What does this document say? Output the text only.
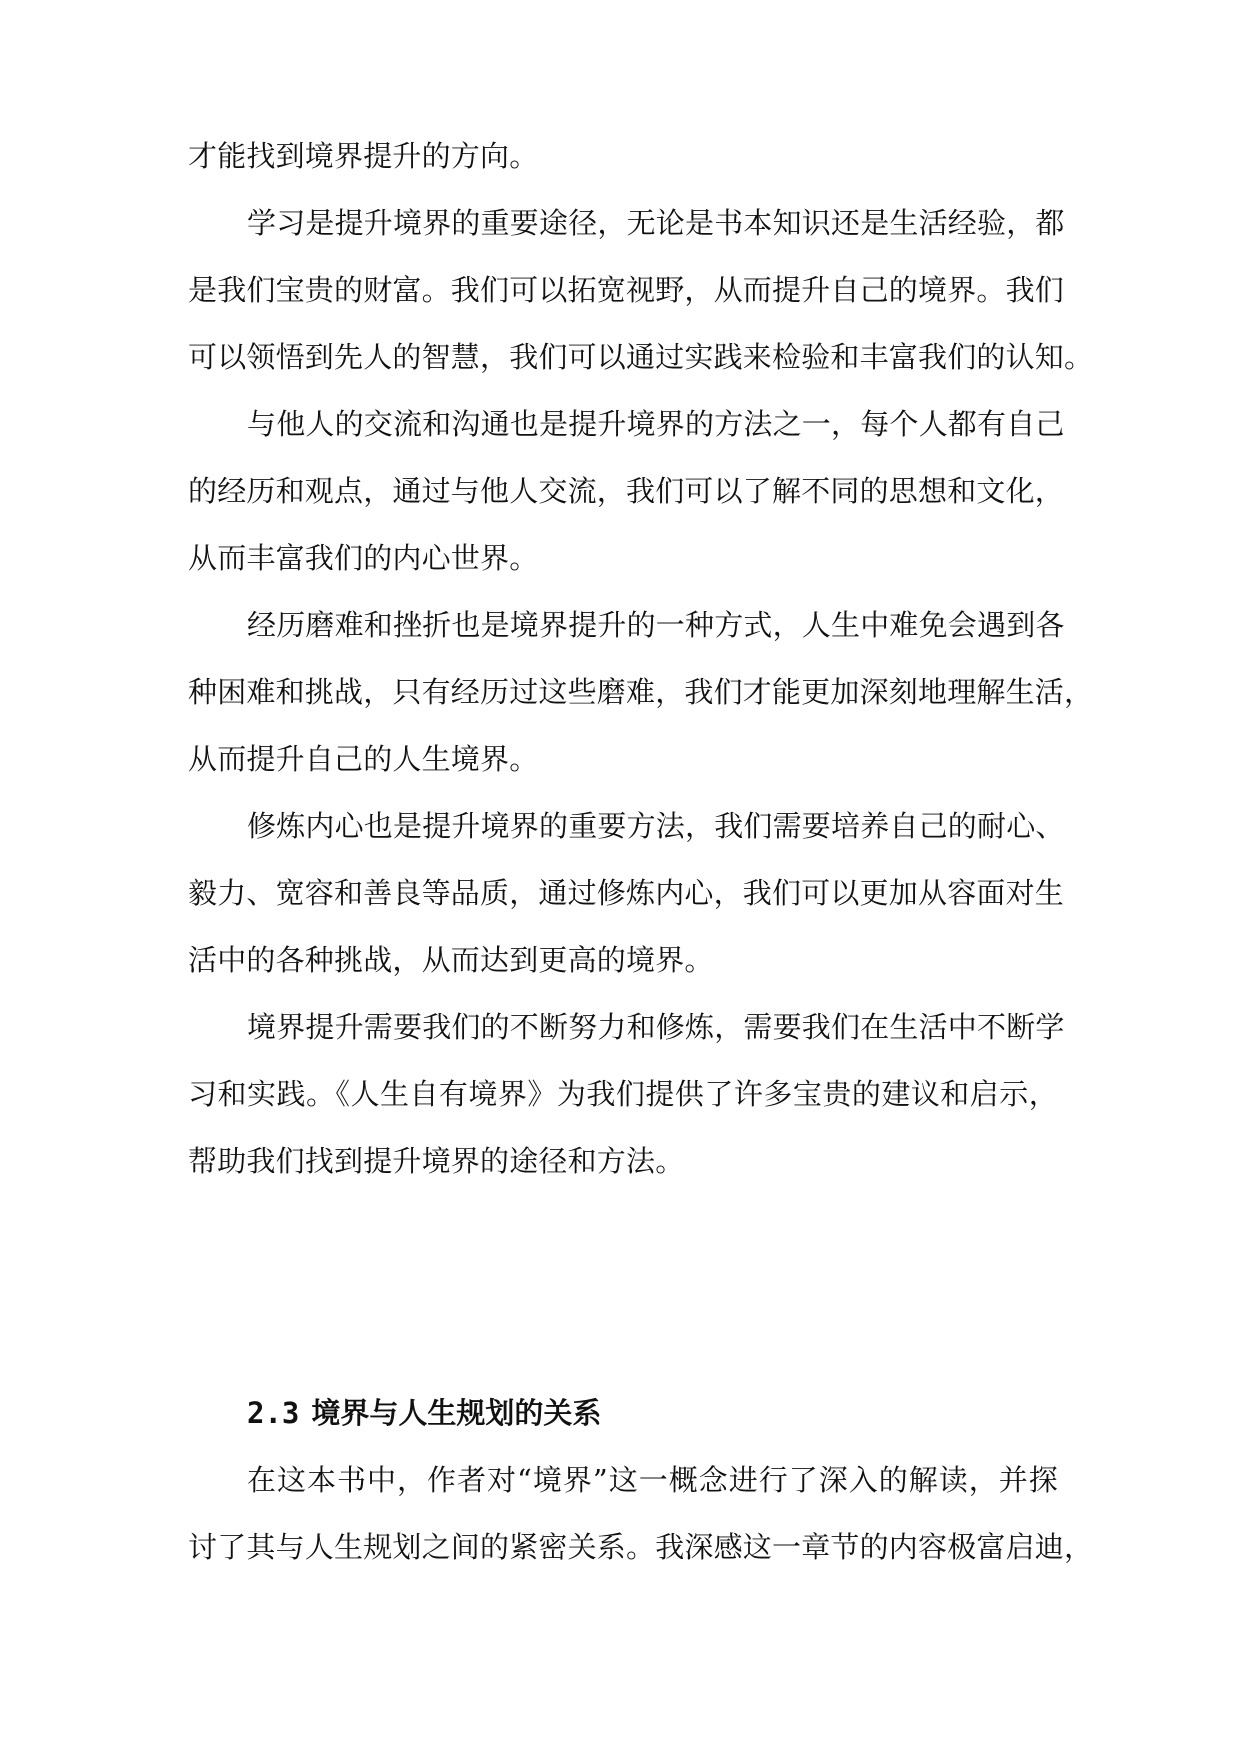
才能找到境界提升的方向。
学习是提升境界的重要途径，无论是书本知识还是生活经验，都
是我们宝贵的财富。我们可以拓宽视野，从而提升自己的境界。我们
可以领悟到先人的智慧，我们可以通过实践来检验和丰富我们的认知。
与他人的交流和沟通也是提升境界的方法之一，每个人都有自己
的经历和观点，通过与他人交流，我们可以了解不同的思想和文化，
从而丰富我们的内心世界。
经历磨难和挫折也是境界提升的一种方式，人生中难免会遇到各
种困难和挑战，只有经历过这些磨难，我们才能更加深刻地理解生活，
从而提升自己的人生境界。
修炼内心也是提升境界的重要方法，我们需要培养自己的耐心、
毅力、宽容和善良等品质，通过修炼内心，我们可以更加从容面对生
活中的各种挑战，从而达到更高的境界。
境界提升需要我们的不断努力和修炼，需要我们在生活中不断学
习和实践。《人生自有境界》为我们提供了许多宝贵的建议和启示，
帮助我们找到提升境界的途径和方法。
2.3 境界与人生规划的关系
在这本书中，作者对“境界”这一概念进行了深入的解读，并探
讨了其与人生规划之间的紧密关系。我深感这一章节的内容极富启迪，
